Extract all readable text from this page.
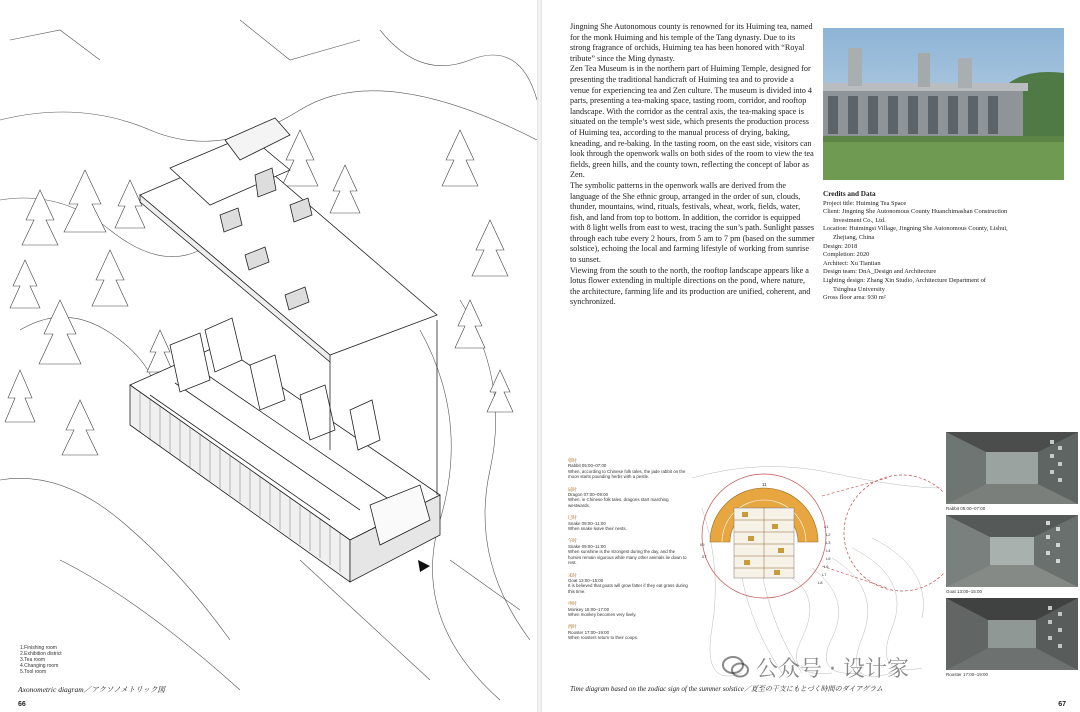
1.Finishing room
2.Exhibition district
3.Tea room
4.Changing room
5.Tool room
Axonometric diagram／アクソノメトリック図
66

Jingning She Autonomous county is renowned for its Huiming tea, named for the monk Huiming and his temple of the Tang dynasty. Due to its strong fragrance of orchids, Huiming tea has been honored with “Royal tribute” since the Ming dynasty.

Zen Tea Museum is in the northern part of Huiming Temple, designed for presenting the traditional handicraft of Huiming tea and to provide a venue for experiencing tea and Zen culture. The museum is divided into 4 parts, presenting a tea-making space, tasting room, corridor, and rooftop landscape. With the corridor as the central axis, the tea-making space is situated on the temple’s west side, which presents the production process of Huiming tea, according to the manual process of drying, baking, kneading, and re-baking. In the tasting room, on the east side, visitors can look through the openwork walls on both sides of the room to view the tea fields, green hills, and the county town, reflecting the concept of labor as Zen.

The symbolic patterns in the openwork walls are derived from the language of the She ethnic group, arranged in the order of sun, clouds, thunder, mountains, wind, rituals, festivals, wheat, work, fields, water, fish, and land from top to bottom. In addition, the corridor is equipped with 8 light wells from east to west, tracing the sun’s path. Sunlight passes through each tube every 2 hours, from 5 am to 7 pm (based on the summer solstice), echoing the local and farming lifestyle of working from sunrise to sunset.

Viewing from the south to the north, the rooftop landscape appears like a lotus flower extending in multiple directions on the pond, where nature, the architecture, farming life and its production are unified, coherent, and synchronized.

Credits and Data
Project title: Huiming Tea Space
Client: Jingning She Autonomous County Huanchimashan Construction
Investment Co., Ltd.
Location: Huimingsi Village, Jingning She Autonomous County, Lishui,
Zhejiang, China
Design: 2018
Completion: 2020
Architect: Xu Tiantian
Design team: DnA_Design and Architecture
Lighting design: Zhang Xin Studio, Architecture Department of
Tsinghua University
Gross floor area: 930 m²
卯时
Rabbit 05:00–07:00
When, according to Chinese folk tales, the jade rabbit on the moon starts pounding herbs with a pestle.
辰时
Dragon 07:00–09:00
When, in Chinese folk tales, dragons start marching westwards.
巳时
Snake 09:00–11:00
When snake leave their nests.
午时
Snake 09:00–11:00
When sunshine is the strongest during the day, and the horses remain vigorous while many other animals lie down to rest.
未时
Goat 13:00–15:00
It is believed that goats will grow fatter if they eat grass during this time.
申时
Monkey 15:00–17:00
When monkey becomes very lively.
酉时
Rooster 17:00–19:00
When roosters return to their coops.
11
L1
L2
L3
L4
L5
L6
L7
L8
09
07
Rabbit 05:00–07:00
Goat 13:00–15:00
Rooster 17:00–19:00
Time diagram based on the zodiac sign of the summer solstice／夏至の干支にもとづく時間のダイアグラム
67
公众号 · 设计家
